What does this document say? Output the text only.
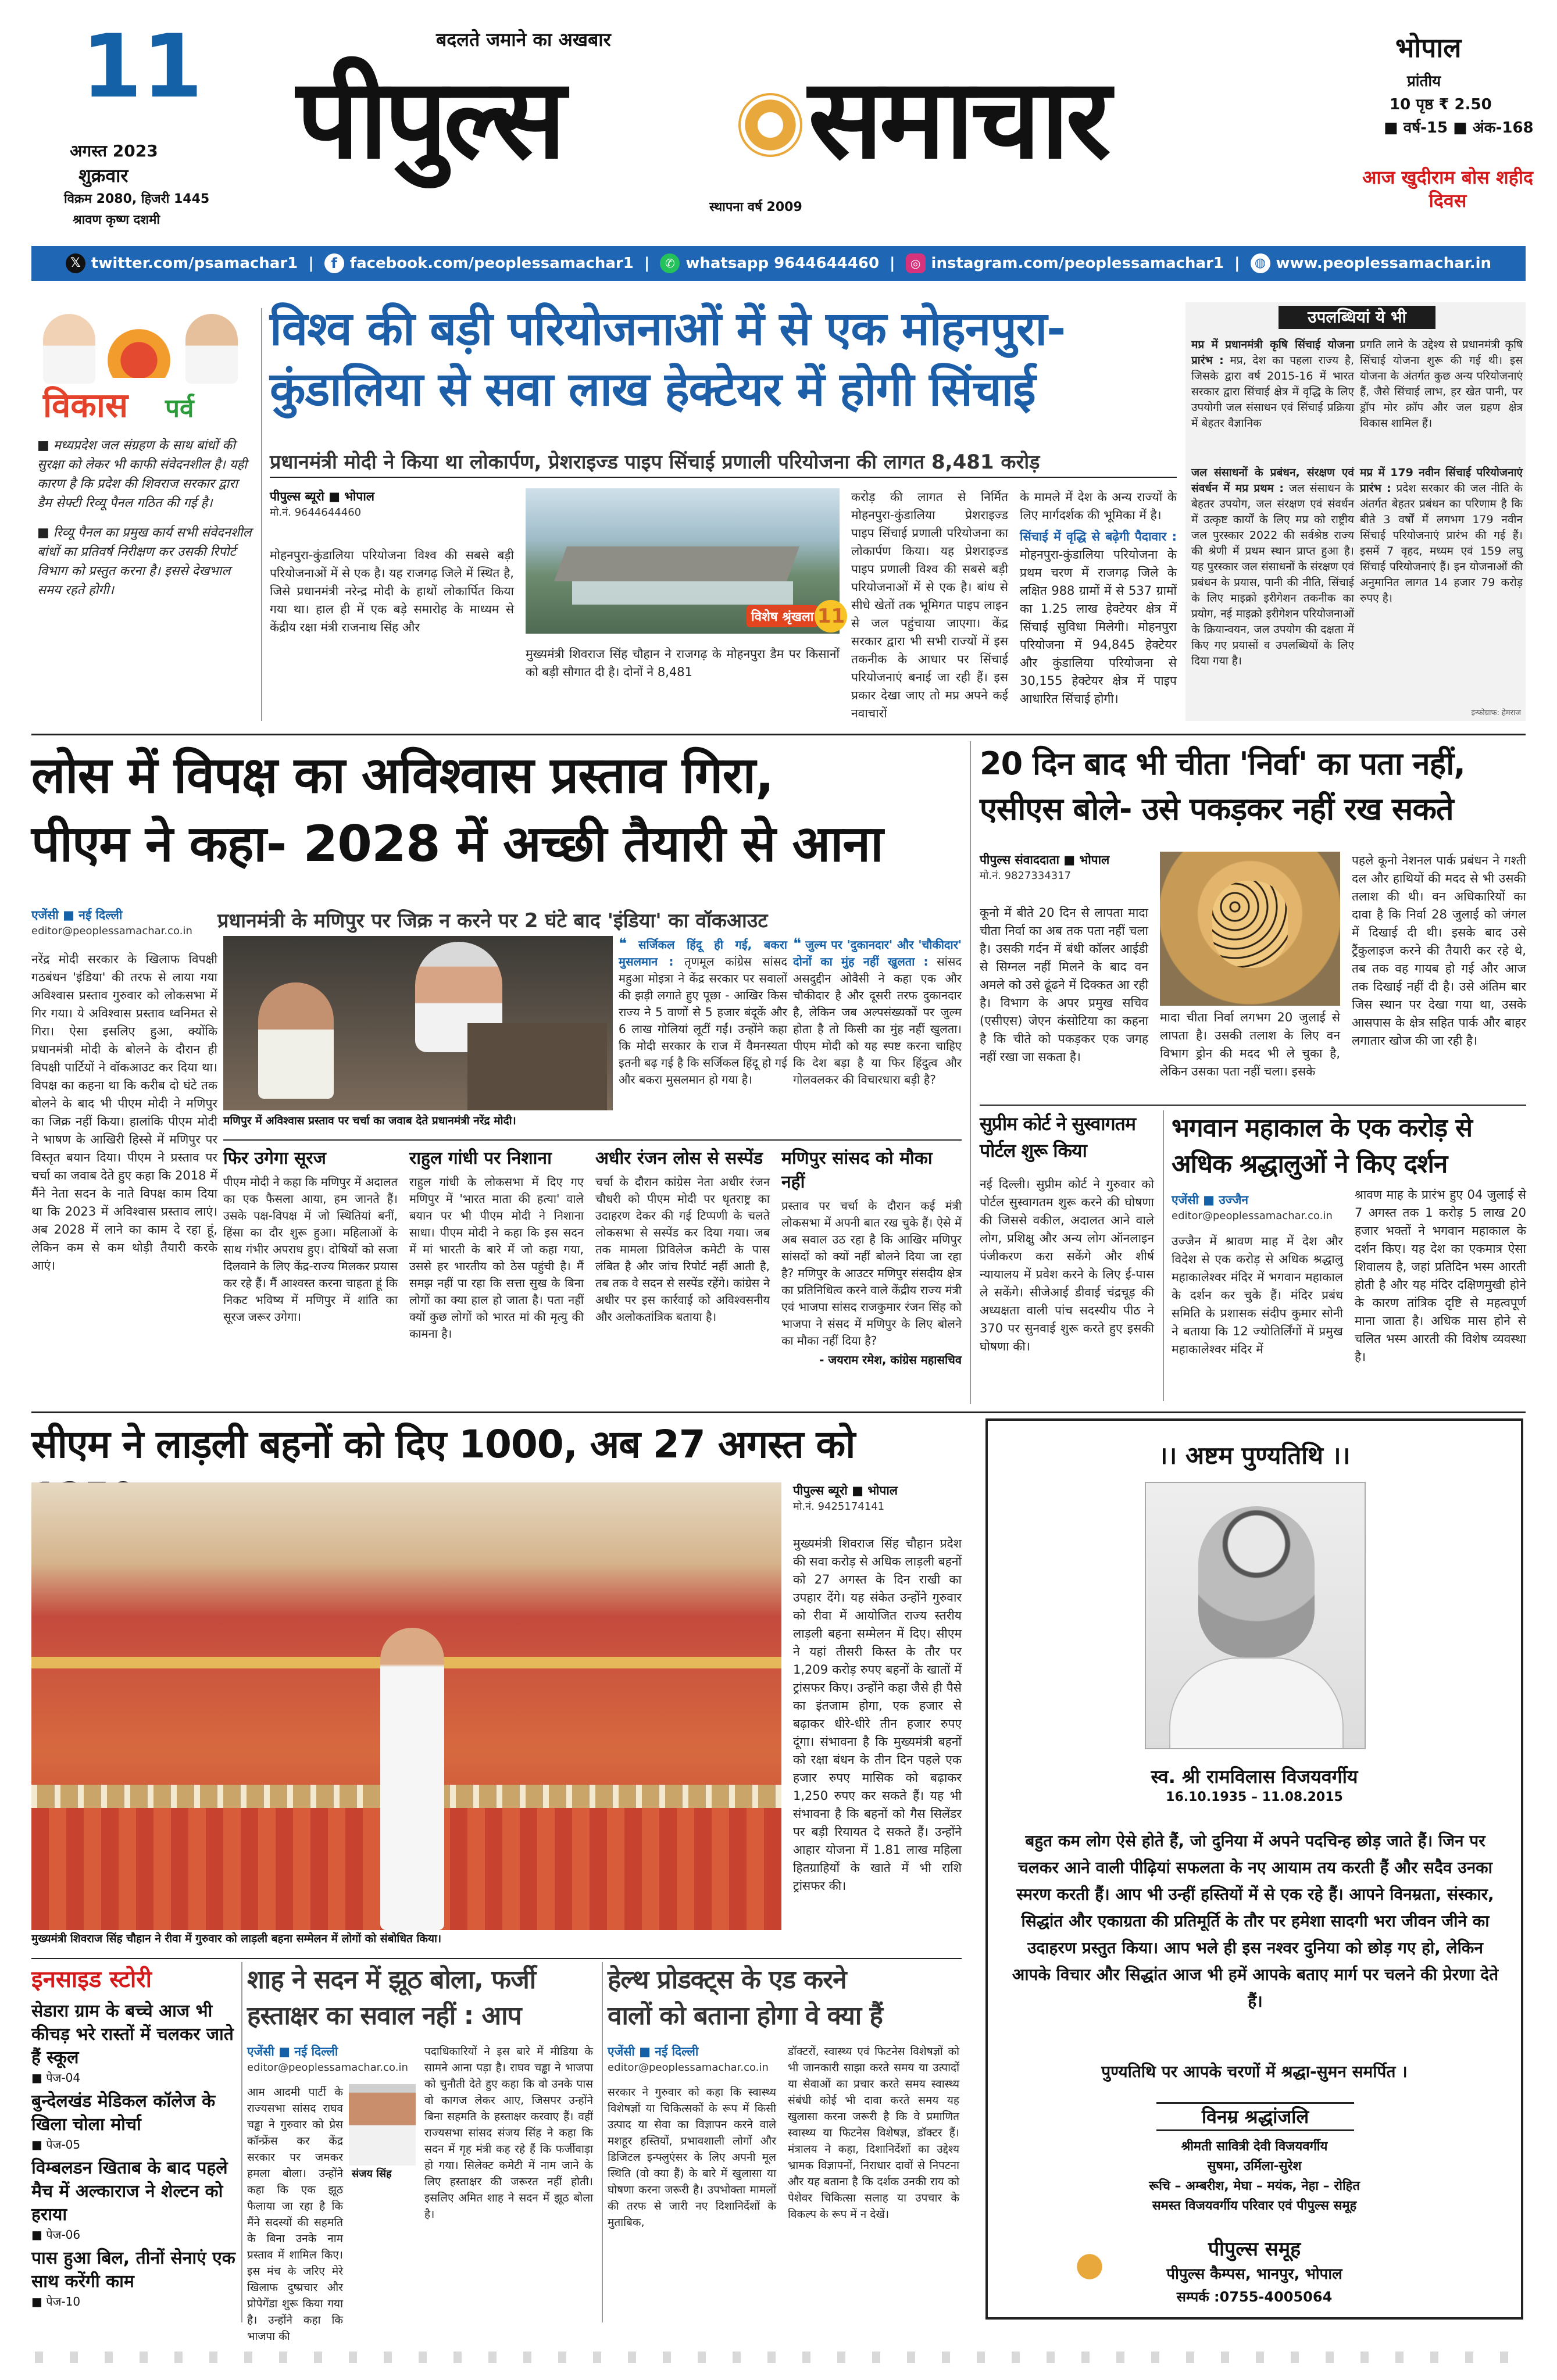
11
अगस्त 2023
शुक्रवार
विक्रम 2080, हिजरी 1445
श्रावण कृष्ण दशमी
बदलते जमाने का अखबार
पीपुल्स समाचार
स्थापना वर्ष 2009
भोपाल
प्रांतीय
10 पृष्ठ ₹ 2.50
■ वर्ष-15 ■ अंक-168
आज खुदीराम बोस शहीद दिवस
𝕏 twitter.com/psamachar1 |	f facebook.com/peoplessamachar1 |	✆ whatsapp 9644644460 |	◎ instagram.com/peoplessamachar1 |	◍ www.peoplessamachar.in
विकास पर्व

■ मध्यप्रदेश जल संग्रहण के साथ बांधों की सुरक्षा को लेकर भी काफी संवेदनशील है। यही कारण है कि प्रदेश की शिवराज सरकार द्वारा डैम सेफ्टी रिव्यू पैनल गठित की गई है।

■ रिव्यू पैनल का प्रमुख कार्य सभी संवेदनशील बांधों का प्रतिवर्ष निरीक्षण कर उसकी रिपोर्ट विभाग को प्रस्तुत करना है। इससे देखभाल समय रहते होगी।

विश्व की बड़ी परियोजनाओं में से एक मोहनपुरा-
कुंडालिया से सवा लाख हेक्टेयर में होगी सिंचाई
प्रधानमंत्री मोदी ने किया था लोकार्पण, प्रेशराइज्ड पाइप सिंचाई प्रणाली परियोजना की लागत 8,481 करोड़
पीपुल्स ब्यूरो ■ भोपाल
मो.नं. 9644644460
मोहनपुरा-कुंडालिया परियोजना विश्व की सबसे बड़ी परियोजनाओं में से एक है। यह राजगढ़ जिले में स्थित है, जिसे प्रधानमंत्री नरेन्द्र मोदी के हाथों लोकार्पित किया गया था। हाल ही में एक बड़े समारोह के माध्यम से केंद्रीय रक्षा मंत्री राजनाथ सिंह और
विशेष श्रृंखला 11
मुख्यमंत्री शिवराज सिंह चौहान ने राजगढ़ के मोहनपुरा डैम पर किसानों को बड़ी सौगात दी है। दोनों ने 8,481
करोड़ की लागत से निर्मित मोहनपुरा-कुंडालिया प्रेशराइज्ड पाइप सिंचाई प्रणाली परियोजना का लोकार्पण किया। यह प्रेशराइज्ड पाइप प्रणाली विश्व की सबसे बड़ी परियोजनाओं में से एक है। बांध से सीधे खेतों तक भूमिगत पाइप लाइन से जल पहुंचाया जाएगा। केंद्र सरकार द्वारा भी सभी राज्यों में इस तकनीक के आधार पर सिंचाई परियोजनाएं बनाई जा रही हैं। इस प्रकार देखा जाए तो मप्र अपने कई नवाचारों

के मामले में देश के अन्य राज्यों के लिए मार्गदर्शक की भूमिका में है।

सिंचाई में वृद्धि से बढ़ेगी पैदावार : मोहनपुरा-कुंडालिया परियोजना के प्रथम चरण में राजगढ़ जिले के लक्षित 988 ग्रामों में से 537 ग्रामों का 1.25 लाख हेक्टेयर क्षेत्र में सिंचाई सुविधा मिलेगी। मोहनपुरा परियोजना में 94,845 हेक्टेयर और कुंडालिया परियोजना से 30,155 हेक्टेयर क्षेत्र में पाइप आधारित सिंचाई होगी।

उपलब्धियां ये भी
मप्र में प्रधानमंत्री कृषि सिंचाई योजना प्रारंभ : मप्र, देश का पहला राज्य है, जिसके द्वारा वर्ष 2015-16 में भारत सरकार द्वारा सिंचाई क्षेत्र में वृद्धि के लिए उपयोगी जल संसाधन एवं सिंचाई प्रक्रिया में बेहतर वैज्ञानिक
प्रगति लाने के उद्देश्य से प्रधानमंत्री कृषि सिंचाई योजना शुरू की गई थी। इस योजना के अंतर्गत कुछ अन्य परियोजनाएं हैं, जैसे सिंचाई लाभ, हर खेत पानी, पर ड्रॉप मोर क्रॉप और जल ग्रहण क्षेत्र विकास शामिल हैं।
जल संसाधनों के प्रबंधन, संरक्षण एवं संवर्धन में मप्र प्रथम : जल संसाधन के बेहतर उपयोग, जल संरक्षण एवं संवर्धन में उत्कृष्ट कार्यों के लिए मप्र को राष्ट्रीय जल पुरस्कार 2022 की सर्वश्रेष्ठ राज्य की श्रेणी में प्रथम स्थान प्राप्त हुआ है। यह पुरस्कार जल संसाधनों के संरक्षण एवं प्रबंधन के प्रयास, पानी की नीति, सिंचाई के लिए माइक्रो इरीगेशन तकनीक का प्रयोग, नई माइक्रो इरीगेशन परियोजनाओं के क्रियान्वयन, जल उपयोग की दक्षता में किए गए प्रयासों व उपलब्धियों के लिए दिया गया है।
मप्र में 179 नवीन सिंचाई परियोजनाएं प्रारंभ : प्रदेश सरकार की जल नीति के अंतर्गत बेहतर प्रबंधन का परिणाम है कि बीते 3 वर्षों में लगभग 179 नवीन सिंचाई परियोजनाएं प्रारंभ की गई हैं। इसमें 7 वृहद, मध्यम एवं 159 लघु सिंचाई परियोजनाएं हैं। इन योजनाओं की अनुमानित लागत 14 हजार 79 करोड़ रुपए है।
इन्फोग्राफ: हेमराज
लोस में विपक्ष का अविश्वास प्रस्ताव गिरा,
पीएम ने कहा- 2028 में अच्छी तैयारी से आना
एजेंसी ■ नई दिल्ली
editor@peoplessamachar.co.in	प्रधानमंत्री के मणिपुर पर जिक्र न करने पर 2 घंटे बाद 'इंडिया' का वॉकआउट
नरेंद्र मोदी सरकार के खिलाफ विपक्षी गठबंधन 'इंडिया' की तरफ से लाया गया अविश्वास प्रस्ताव गुरुवार को लोकसभा में गिर गया। ये अविश्वास प्रस्ताव ध्वनिमत से गिरा। ऐसा इसलिए हुआ, क्योंकि प्रधानमंत्री मोदी के बोलने के दौरान ही विपक्षी पार्टियों ने वॉकआउट कर दिया था। विपक्ष का कहना था कि करीब दो घंटे तक बोलने के बाद भी पीएम मोदी ने मणिपुर का जिक्र नहीं किया। हालांकि पीएम मोदी ने भाषण के आखिरी हिस्से में मणिपुर पर विस्तृत बयान दिया। पीएम ने प्रस्ताव पर चर्चा का जवाब देते हुए कहा कि 2018 में मैंने नेता सदन के नाते विपक्ष काम दिया था कि 2023 में अविश्वास प्रस्ताव लाएं। अब 2028 में लाने का काम दे रहा हूं, लेकिन कम से कम थोड़ी तैयारी करके आएं।
मणिपुर में अविश्वास प्रस्ताव पर चर्चा का जवाब देते प्रधानमंत्री नरेंद्र मोदी।
❝ सर्जिकल हिंदू ही गई, बकरा मुसलमान : तृणमूल कांग्रेस सांसद महुआ मोइत्रा ने केंद्र सरकार पर सवालों की झड़ी लगाते हुए पूछा - आखिर किस राज्य ने 5 वाणों से 5 हजार बंदूकें और 6 लाख गोलियां लूटीं गईं। उन्होंने कहा कि मोदी सरकार के राज में वैमनस्यता इतनी बढ़ गई है कि सर्जिकल हिंदू हो गई और बकरा मुसलमान हो गया है।
❝ जुल्म पर 'दुकानदार' और 'चौकीदार' दोनों का मुंह नहीं खुलता : सांसद असदुद्दीन ओवैसी ने कहा एक और चौकीदार है और दूसरी तरफ दुकानदार है, लेकिन जब अल्पसंख्यकों पर जुल्म होता है तो किसी का मुंह नहीं खुलता। पीएम मोदी को यह स्पष्ट करना चाहिए कि देश बड़ा है या फिर हिंदुत्व और गोलवलकर की विचारधारा बड़ी है?
फिर उगेगा सूरज
पीएम मोदी ने कहा कि मणिपुर में अदालत का एक फैसला आया, हम जानते हैं। उसके पक्ष-विपक्ष में जो स्थितियां बनीं, हिंसा का दौर शुरू हुआ। महिलाओं के साथ गंभीर अपराध हुए। दोषियों को सजा दिलवाने के लिए केंद्र-राज्य मिलकर प्रयास कर रहे हैं। मैं आश्वस्त करना चाहता हूं कि निकट भविष्य में मणिपुर में शांति का सूरज जरूर उगेगा।
राहुल गांधी पर निशाना
राहुल गांधी के लोकसभा में दिए गए मणिपुर में 'भारत माता की हत्या' वाले बयान पर भी पीएम मोदी ने निशाना साधा। पीएम मोदी ने कहा कि इस सदन में मां भारती के बारे में जो कहा गया, उससे हर भारतीय को ठेस पहुंची है। मैं समझ नहीं पा रहा कि सत्ता सुख के बिना लोगों का क्या हाल हो जाता है। पता नहीं क्यों कुछ लोगों को भारत मां की मृत्यु की कामना है।
अधीर रंजन लोस से सस्पेंड
चर्चा के दौरान कांग्रेस नेता अधीर रंजन चौधरी को पीएम मोदी पर धृतराष्ट्र का उदाहरण देकर की गई टिप्पणी के चलते लोकसभा से सस्पेंड कर दिया गया। जब तक मामला प्रिविलेज कमेटी के पास लंबित है और जांच रिपोर्ट नहीं आती है, तब तक वे सदन से सस्पेंड रहेंगे। कांग्रेस ने अधीर पर इस कार्रवाई को अविश्वसनीय और अलोकतांत्रिक बताया है।
मणिपुर सांसद को मौका नहीं
प्रस्ताव पर चर्चा के दौरान कई मंत्री लोकसभा में अपनी बात रख चुके हैं। ऐसे में अब सवाल उठ रहा है कि आखिर मणिपुर सांसदों को क्यों नहीं बोलने दिया जा रहा है? मणिपुर के आउटर मणिपुर संसदीय क्षेत्र का प्रतिनिधित्व करने वाले केंद्रीय राज्य मंत्री एवं भाजपा सांसद राजकुमार रंजन सिंह को भाजपा ने संसद में मणिपुर के लिए बोलने का मौका नहीं दिया है?
- जयराम रमेश, कांग्रेस महासचिव
20 दिन बाद भी चीता 'निर्वा' का पता नहीं,
एसीएस बोले- उसे पकड़कर नहीं रख सकते
पीपुल्स संवाददाता ■ भोपाल
मो.नं. 9827334317
कूनो में बीते 20 दिन से लापता मादा चीता निर्वा का अब तक पता नहीं चला है। उसकी गर्दन में बंधी कॉलर आईडी से सिग्नल नहीं मिलने के बाद वन अमले को उसे ढूंढने में दिक्कत आ रही है। विभाग के अपर प्रमुख सचिव (एसीएस) जेएन कंसोटिया का कहना है कि चीते को पकड़कर एक जगह नहीं रखा जा सकता है।
मादा चीता निर्वा लगभग 20 जुलाई से लापता है। उसकी तलाश के लिए वन विभाग ड्रोन की मदद भी ले चुका है, लेकिन उसका पता नहीं चला। इसके
पहले कूनो नेशनल पार्क प्रबंधन ने गश्ती दल और हाथियों की मदद से भी उसकी तलाश की थी। वन अधिकारियों का दावा है कि निर्वा 28 जुलाई को जंगल में दिखाई दी थी। इसके बाद उसे ट्रैंकुलाइज करने की तैयारी कर रहे थे, तब तक वह गायब हो गई और आज तक दिखाई नहीं दी है। उसे अंतिम बार जिस स्थान पर देखा गया था, उसके आसपास के क्षेत्र सहित पार्क और बाहर लगातार खोज की जा रही है।
सुप्रीम कोर्ट ने सुस्वागतम
पोर्टल शुरू किया
नई दिल्ली। सुप्रीम कोर्ट ने गुरुवार को पोर्टल सुस्वागतम शुरू करने की घोषणा की जिससे वकील, अदालत आने वाले लोग, प्रशिक्षु और अन्य लोग ऑनलाइन पंजीकरण करा सकेंगे और शीर्ष न्यायालय में प्रवेश करने के लिए ई-पास ले सकेंगे। सीजेआई डीवाई चंद्रचूड़ की अध्यक्षता वाली पांच सदस्यीय पीठ ने 370 पर सुनवाई शुरू करते हुए इसकी घोषणा की।
भगवान महाकाल के एक करोड़ से
अधिक श्रद्धालुओं ने किए दर्शन
एजेंसी ■ उज्जैन
editor@peoplessamachar.co.in
उज्जैन में श्रावण माह में देश और विदेश से एक करोड़ से अधिक श्रद्धालु महाकालेश्वर मंदिर में भगवान महाकाल के दर्शन कर चुके हैं। मंदिर प्रबंध समिति के प्रशासक संदीप कुमार सोनी ने बताया कि 12 ज्योतिर्लिंगों में प्रमुख महाकालेश्वर मंदिर में
श्रावण माह के प्रारंभ हुए 04 जुलाई से 7 अगस्त तक 1 करोड़ 5 लाख 20 हजार भक्तों ने भगवान महाकाल के दर्शन किए। यह देश का एकमात्र ऐसा शिवालय है, जहां प्रतिदिन भस्म आरती होती है और यह मंदिर दक्षिणमुखी होने के कारण तांत्रिक दृष्टि से महत्वपूर्ण माना जाता है। अधिक मास होने से चलित भस्म आरती की विशेष व्यवस्था है।
सीएम ने लाड़ली बहनों को दिए 1000, अब 27 अगस्त को
मुख्यमंत्री शिवराज सिंह चौहान ने रीवा में गुरुवार को लाड़ली बहना सम्मेलन में लोगों को संबोधित किया।
पीपुल्स ब्यूरो ■ भोपाल
मो.नं. 9425174141
मुख्यमंत्री शिवराज सिंह चौहान प्रदेश की सवा करोड़ से अधिक लाड़ली बहनों को 27 अगस्त के दिन राखी का उपहार देंगे। यह संकेत उन्होंने गुरुवार को रीवा में आयोजित राज्य स्तरीय लाड़ली बहना सम्मेलन में दिए। सीएम ने यहां तीसरी किस्त के तौर पर 1,209 करोड़ रुपए बहनों के खातों में ट्रांसफर किए। उन्होंने कहा जैसे ही पैसे का इंतजाम होगा, एक हजार से बढ़ाकर धीरे-धीरे तीन हजार रुपए दूंगा। संभावना है कि मुख्यमंत्री बहनों को रक्षा बंधन के तीन दिन पहले एक हजार रुपए मासिक को बढ़ाकर 1,250 रुपए कर सकते हैं। यह भी संभावना है कि बहनों को गैस सिलेंडर पर बड़ी रियायत दे सकते हैं। उन्होंने आहार योजना में 1.81 लाख महिला हितग्राहियों के खाते में भी राशि ट्रांसफर की।
इनसाइड स्टोरी
सेडारा ग्राम के बच्चे आज भी कीचड़ भरे रास्तों में चलकर जाते हैं स्कूल
■ पेज-04
बुन्देलखंड मेडिकल कॉलेज के खिला चोला मोर्चा
■ पेज-05
विम्बलडन खिताब के बाद पहले मैच में अल्काराज ने शेल्टन को हराया
■ पेज-06
पास हुआ बिल, तीनों सेनाएं एक साथ करेंगी काम
■ पेज-10
शाह ने सदन में झूठ बोला, फर्जी
हस्ताक्षर का सवाल नहीं : आप
एजेंसी ■ नई दिल्ली
editor@peoplessamachar.co.in
आम आदमी पार्टी के राज्यसभा सांसद राघव चड्ढा ने गुरुवार को प्रेस कॉन्फ्रेंस कर केंद्र सरकार पर जमकर हमला बोला। उन्होंने कहा कि एक झूठ फैलाया जा रहा है कि मैंने सदस्यों की सहमति के बिना उनके नाम प्रस्ताव में शामिल किए। इस मंच के जरिए मेरे खिलाफ दुष्प्रचार और प्रोपेगेंडा शुरू किया गया है। उन्होंने कहा कि भाजपा की
संजय सिंह
पदाधिकारियों ने इस बारे में मीडिया के सामने आना पड़ा है। राघव चड्ढा ने भाजपा को चुनौती देते हुए कहा कि वो उनके पास वो कागज लेकर आए, जिसपर उन्होंने बिना सहमति के हस्ताक्षर करवाए हैं। वहीं राज्यसभा सांसद संजय सिंह ने कहा कि सदन में गृह मंत्री कह रहे हैं कि फर्जीवाड़ा हो गया। सिलेक्ट कमेटी में नाम जाने के लिए हस्ताक्षर की जरूरत नहीं होती। इसलिए अमित शाह ने सदन में झूठ बोला है।
हेल्थ प्रोडक्ट्स के एड करने
वालों को बताना होगा वे क्या हैं
एजेंसी ■ नई दिल्ली
editor@peoplessamachar.co.in
सरकार ने गुरुवार को कहा कि स्वास्थ्य विशेषज्ञों या चिकित्सकों के रूप में किसी उत्पाद या सेवा का विज्ञापन करने वाले मशहूर हस्तियों, प्रभावशाली लोगों और डिजिटल इन्फ्लुएंसर के लिए अपनी मूल स्थिति (वो क्या हैं) के बारे में खुलासा या घोषणा करना जरूरी है। उपभोक्ता मामलों की तरफ से जारी नए दिशानिर्देशों के मुताबिक,
डॉक्टरों, स्वास्थ्य एवं फिटनेस विशेषज्ञों को भी जानकारी साझा करते समय या उत्पादों या सेवाओं का प्रचार करते समय स्वास्थ्य संबंधी कोई भी दावा करते समय यह खुलासा करना जरूरी है कि वे प्रमाणित स्वास्थ्य या फिटनेस विशेषज्ञ, डॉक्टर हैं। मंत्रालय ने कहा, दिशानिर्देशों का उद्देश्य भ्रामक विज्ञापनों, निराधार दावों से निपटना और यह बताना है कि दर्शक उनकी राय को पेशेवर चिकित्सा सलाह या उपचार के विकल्प के रूप में न देखें।
।। अष्टम पुण्यतिथि ।।
स्व. श्री रामविलास विजयवर्गीय
16.10.1935 – 11.08.2015
बहुत कम लोग ऐसे होते हैं, जो दुनिया में अपने पदचिन्ह छोड़ जाते हैं। जिन पर चलकर आने वाली पीढ़ियां सफलता के नए आयाम तय करती हैं और सदैव उनका स्मरण करती हैं। आप भी उन्हीं हस्तियों में से एक रहे हैं। आपने विनम्रता, संस्कार, सिद्धांत और एकाग्रता की प्रतिमूर्ति के तौर पर हमेशा सादगी भरा जीवन जीने का उदाहरण प्रस्तुत किया। आप भले ही इस नश्वर दुनिया को छोड़ गए हो, लेकिन आपके विचार और सिद्धांत आज भी हमें आपके बताए मार्ग पर चलने की प्रेरणा देते हैं।
पुण्यतिथि पर आपके चरणों में श्रद्धा-सुमन समर्पित ।
विनम्र श्रद्धांजलि
श्रीमती सावित्री देवी विजयवर्गीय
सुषमा, उर्मिला-सुरेश
रूचि – अम्बरीश, मेघा – मयंक, नेहा – रोहित
समस्त विजयवर्गीय परिवार एवं पीपुल्स समूह
पीपुल्स समूह
पीपुल्स कैम्पस, भानपुर, भोपाल
सम्पर्क :0755-4005064
